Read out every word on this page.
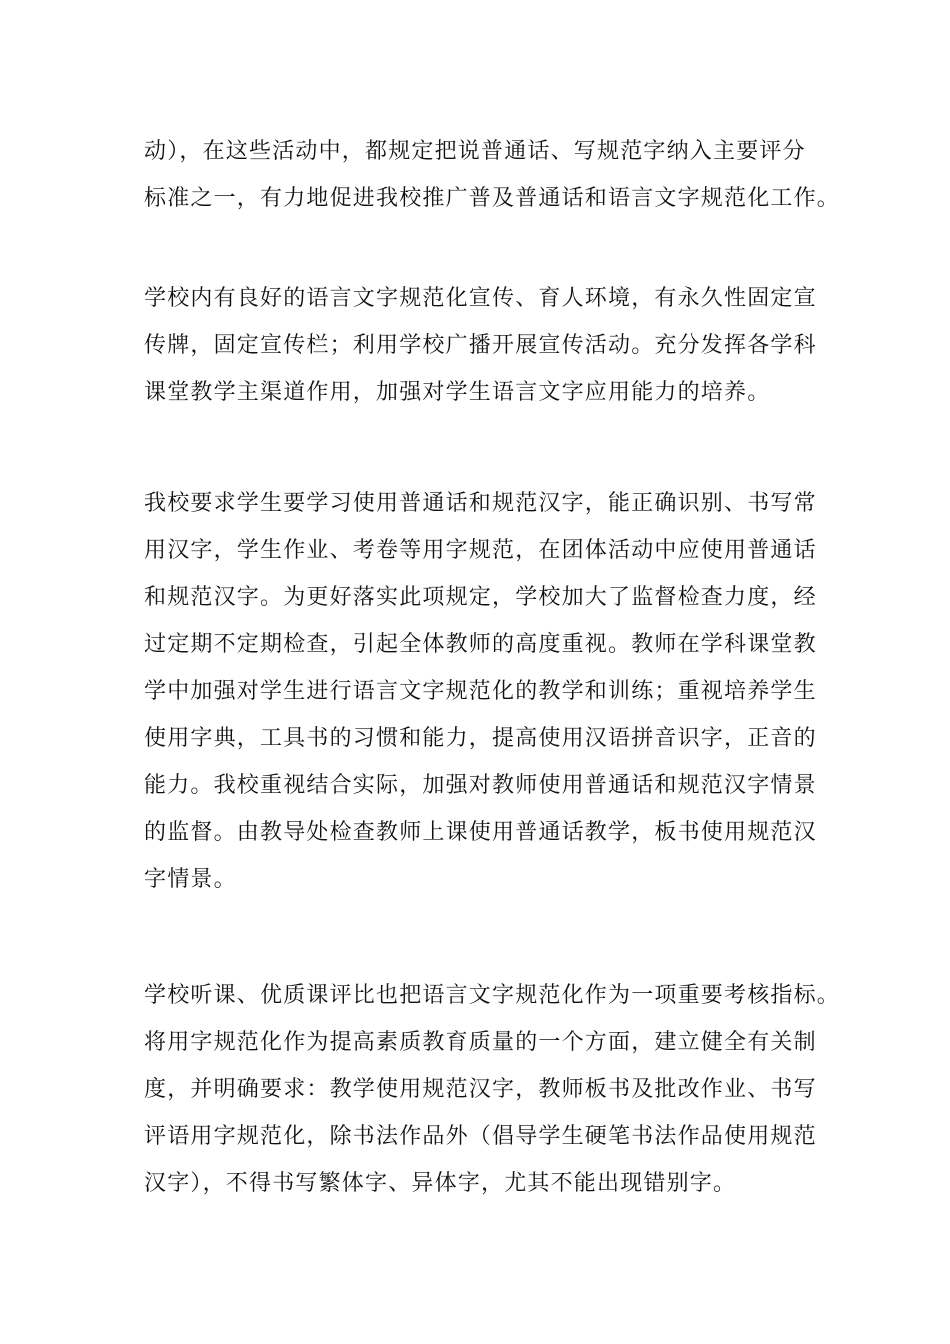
动），在这些活动中，都规定把说普通话、写规范字纳入主要评分
标准之一，有力地促进我校推广普及普通话和语言文字规范化工作。

学校内有良好的语言文字规范化宣传、育人环境，有永久性固定宣
传牌，固定宣传栏；利用学校广播开展宣传活动。充分发挥各学科
课堂教学主渠道作用，加强对学生语言文字应用能力的培养。

我校要求学生要学习使用普通话和规范汉字，能正确识别、书写常
用汉字，学生作业、考卷等用字规范，在团体活动中应使用普通话
和规范汉字。为更好落实此项规定，学校加大了监督检查力度，经
过定期不定期检查，引起全体教师的高度重视。教师在学科课堂教
学中加强对学生进行语言文字规范化的教学和训练；重视培养学生
使用字典，工具书的习惯和能力，提高使用汉语拼音识字，正音的
能力。我校重视结合实际，加强对教师使用普通话和规范汉字情景
的监督。由教导处检查教师上课使用普通话教学，板书使用规范汉
字情景。

学校听课、优质课评比也把语言文字规范化作为一项重要考核指标。
将用字规范化作为提高素质教育质量的一个方面，建立健全有关制
度，并明确要求：教学使用规范汉字，教师板书及批改作业、书写
评语用字规范化，除书法作品外（倡导学生硬笔书法作品使用规范
汉字），不得书写繁体字、异体字，尤其不能出现错别字。
